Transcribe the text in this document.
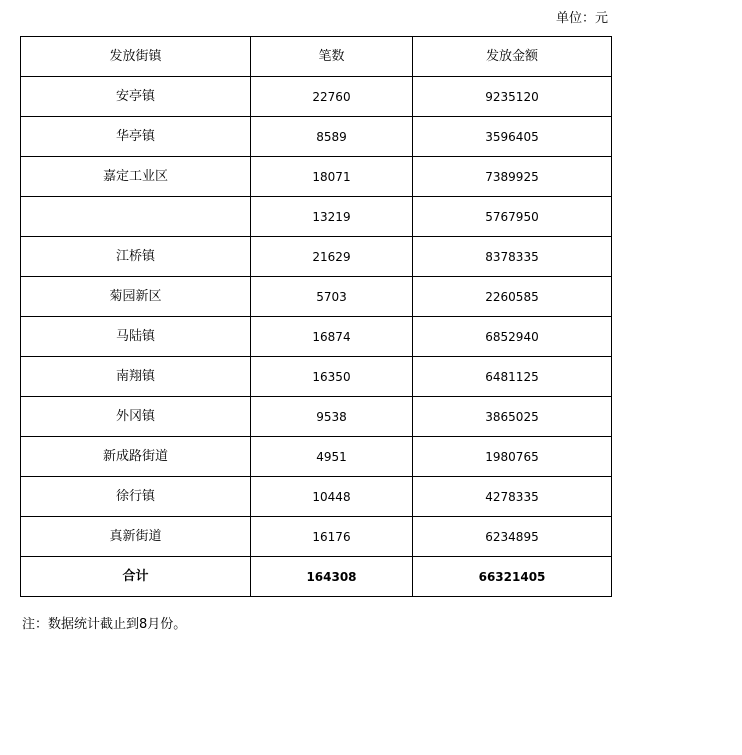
单位：元
发放街镇	笔数	发放金额
安亭镇	22760	9235120
华亭镇	8589	3596405
嘉定工业区	18071	7389925
	13219	5767950
江桥镇	21629	8378335
菊园新区	5703	2260585
马陆镇	16874	6852940
南翔镇	16350	6481125
外冈镇	9538	3865025
新成路街道	4951	1980765
徐行镇	10448	4278335
真新街道	16176	6234895
合计	164308	66321405
注：数据统计截止到8月份。
